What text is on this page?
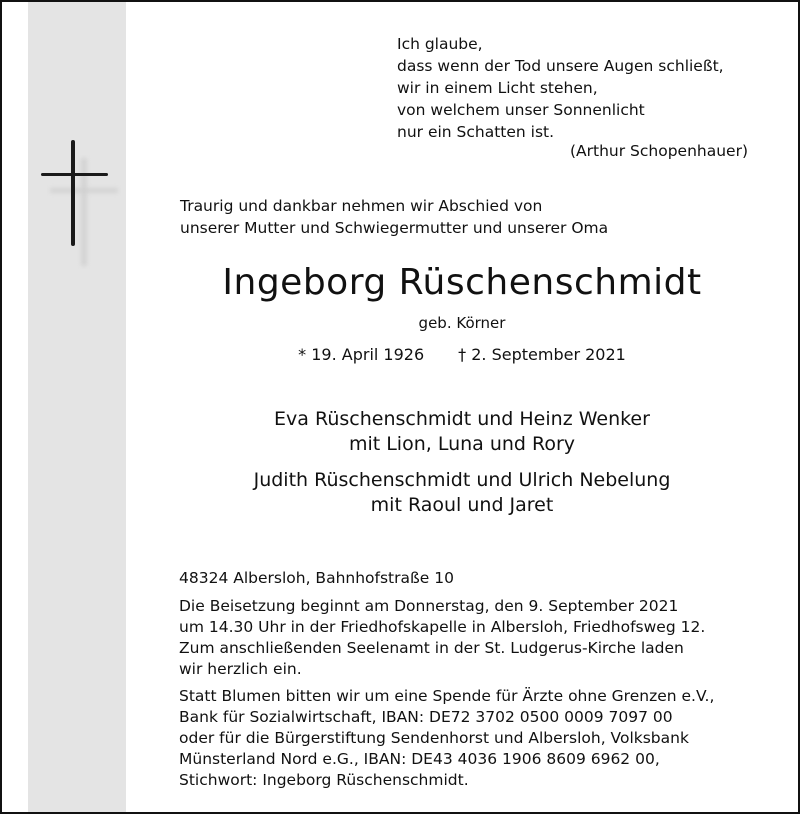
Ich glaube,
dass wenn der Tod unsere Augen schließt,
wir in einem Licht stehen,
von welchem unser Sonnenlicht
nur ein Schatten ist.
(Arthur Schopenhauer)
Traurig und dankbar nehmen wir Abschied von
unserer Mutter und Schwiegermutter und unserer Oma
Ingeborg Rüschenschmidt
geb. Körner
* 19. April 1926 † 2. September 2021
Eva Rüschenschmidt und Heinz Wenker
mit Lion, Luna und Rory
Judith Rüschenschmidt und Ulrich Nebelung
mit Raoul und Jaret

48324 Albersloh, Bahnhofstraße 10

Die Beisetzung beginnt am Donnerstag, den 9. September 2021

um 14.30 Uhr in der Friedhofskapelle in Albersloh, Friedhofsweg 12.

Zum anschließenden Seelenamt in der St. Ludgerus-Kirche laden

wir herzlich ein.

Statt Blumen bitten wir um eine Spende für Ärzte ohne Grenzen e.V.,

Bank für Sozialwirtschaft, IBAN: DE72 3702 0500 0009 7097 00

oder für die Bürgerstiftung Sendenhorst und Albersloh, Volksbank

Münsterland Nord e.G., IBAN: DE43 4036 1906 8609 6962 00,

Stichwort: Ingeborg Rüschenschmidt.
